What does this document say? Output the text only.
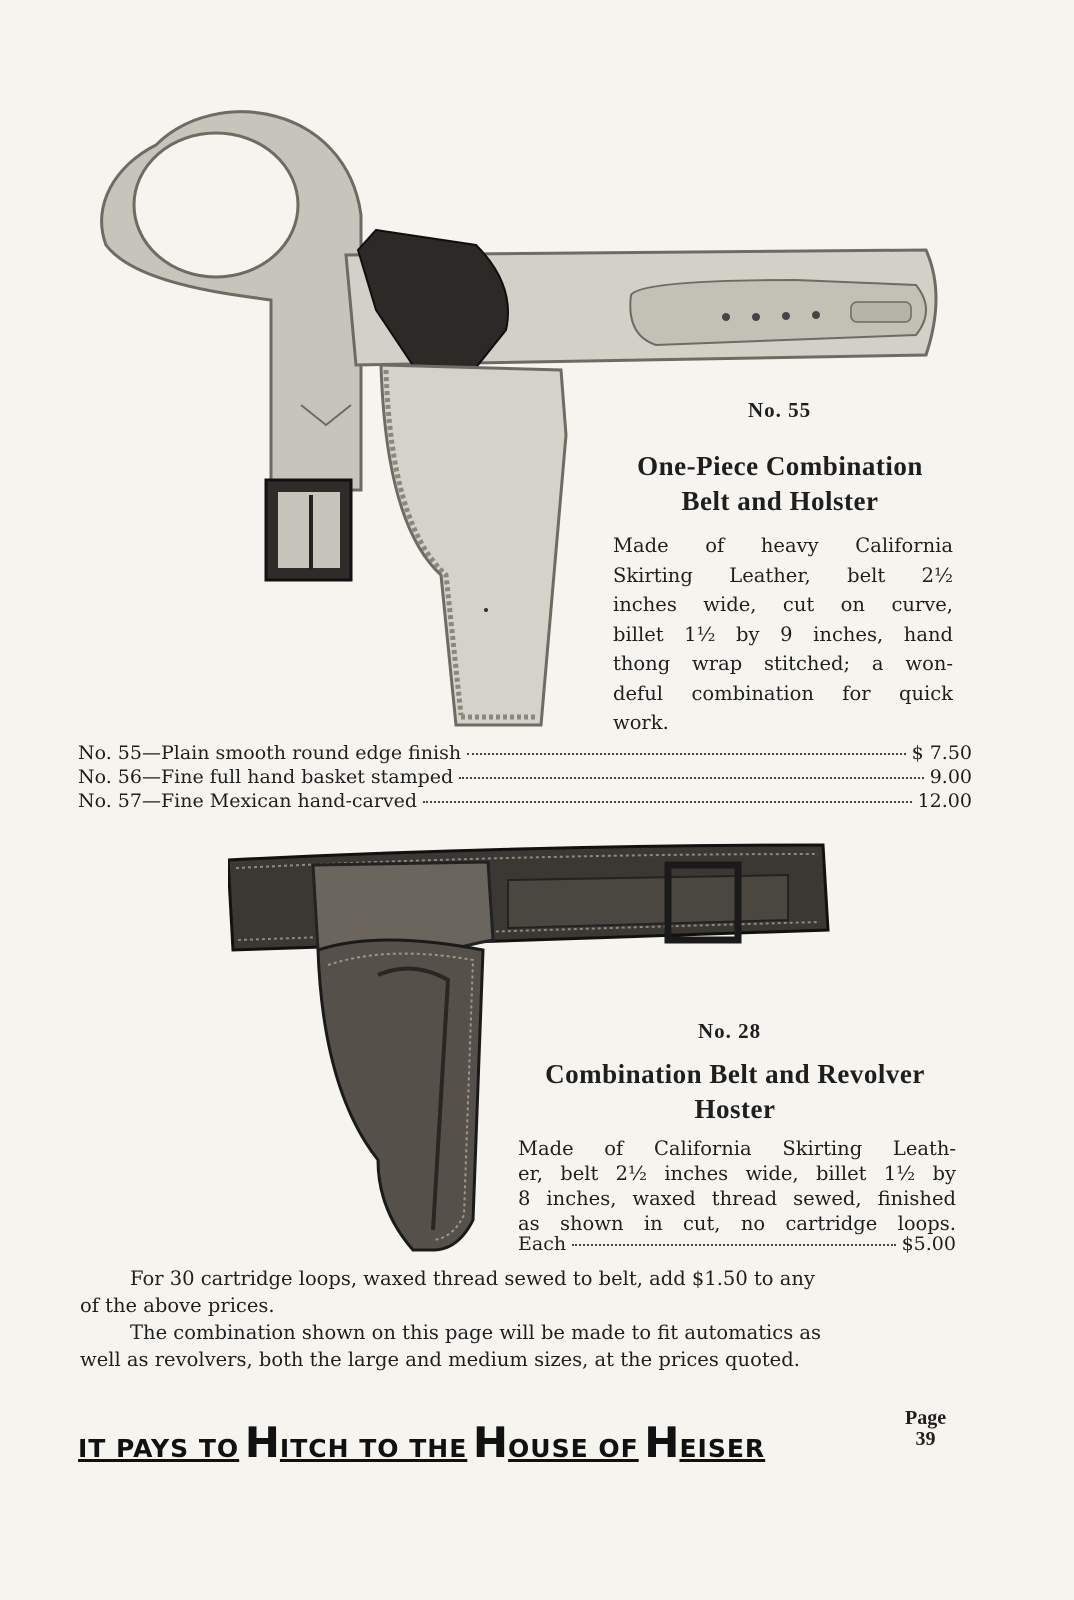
No. 55
One-Piece Combination
Belt and Holster
Made of heavy California
Skirting Leather, belt 2½
inches wide, cut on curve,
billet 1½ by 9 inches, hand
thong wrap stitched; a won-
deful combination for quick
work.
No. 55—Plain smooth round edge finish	$ 7.50
No. 56—Fine full hand basket stamped	9.00
No. 57—Fine Mexican hand-carved	12.00
No. 28
Combination Belt and Revolver
Hoster
Made of California Skirting Leath-
er, belt 2½ inches wide, billet 1½ by
8 inches, waxed thread sewed, finished
as shown in cut, no cartridge loops.
Each	$5.00
For 30 cartridge loops, waxed thread sewed to belt, add $1.50 to any
of the above prices.
The combination shown on this page will be made to fit automatics as
well as revolvers, both the large and medium sizes, at the prices quoted.
IT PAYS TO HITCH TO THE HOUSE OF HEISER
Page
39
